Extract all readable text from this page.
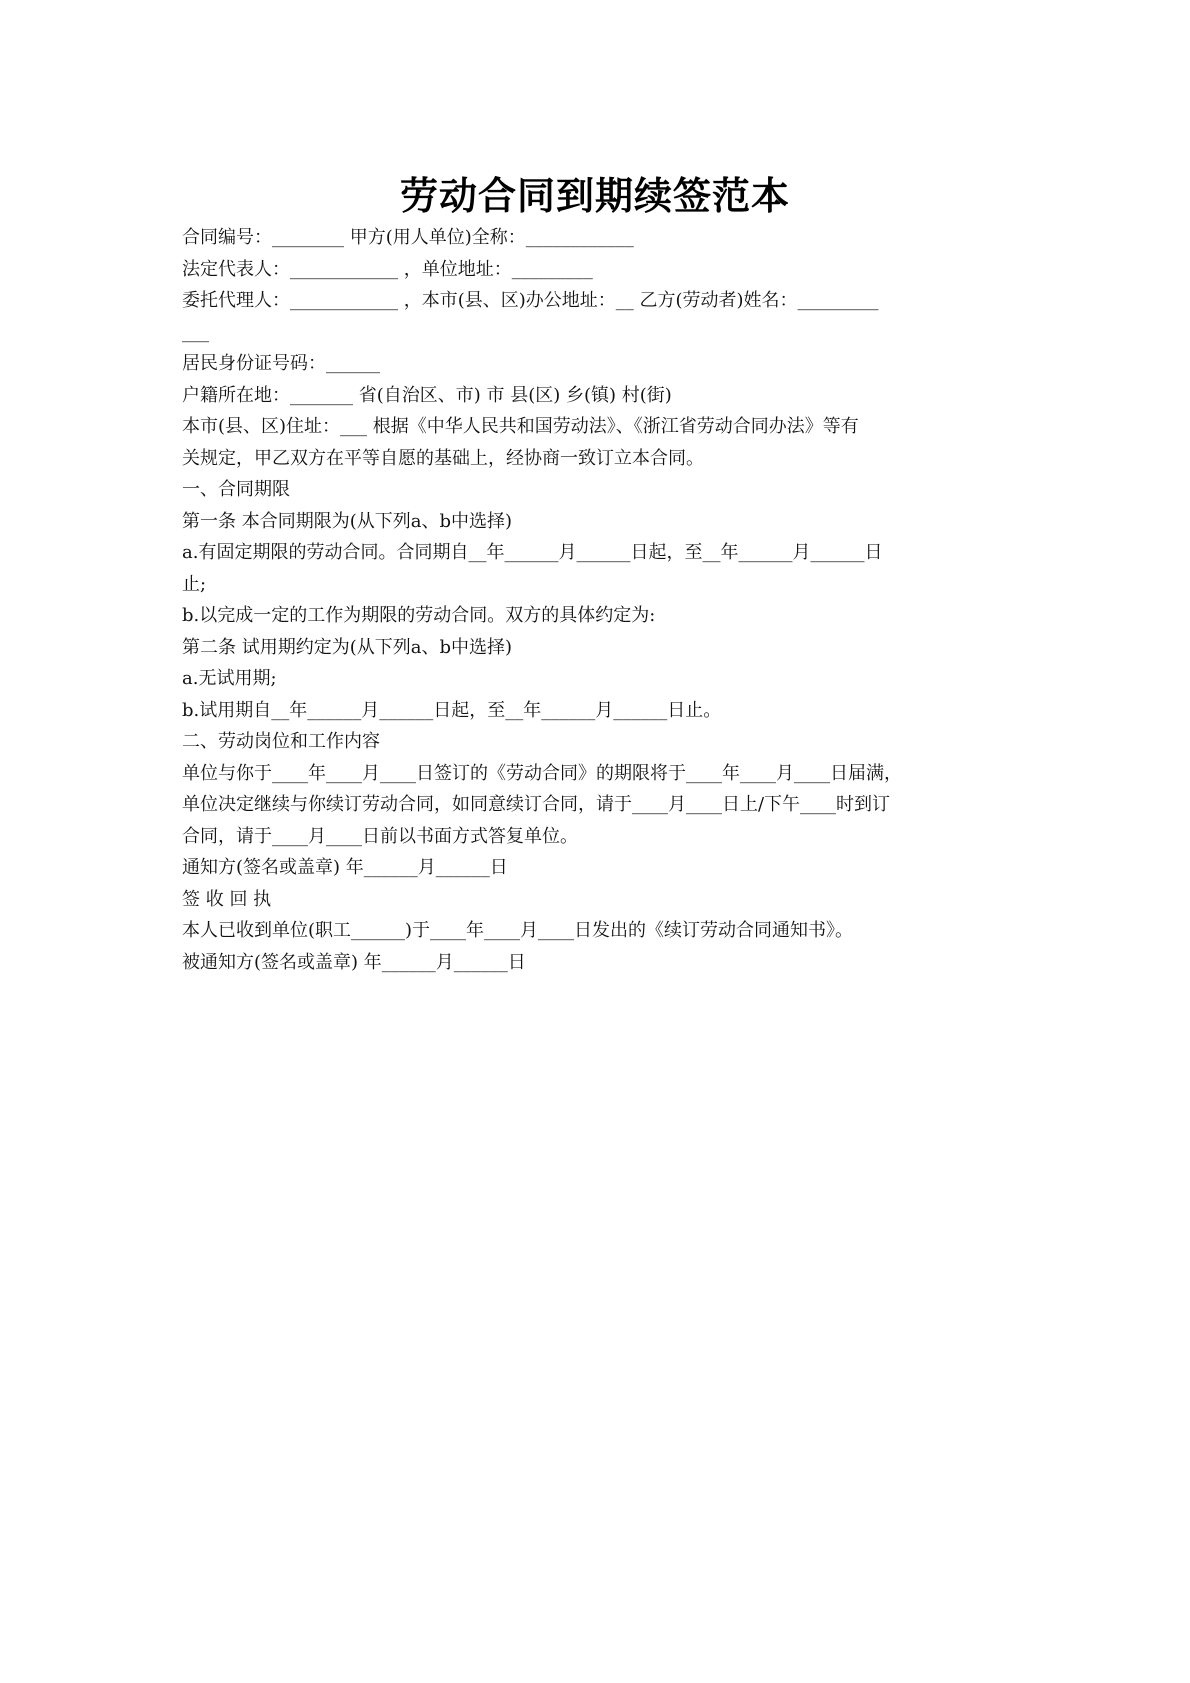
劳动合同到期续签范本
合同编号：________ 甲方(用人单位)全称：____________
法定代表人：____________ ，单位地址：_________
委托代理人：____________ ，本市(县、区)办公地址：__ 乙方(劳动者)姓名：_________
___
居民身份证号码：______
户籍所在地：_______ 省(自治区、市) 市 县(区) 乡(镇) 村(街)
本市(县、区)住址：___ 根据《中华人民共和国劳动法》、《浙江省劳动合同办法》等有
关规定，甲乙双方在平等自愿的基础上，经协商一致订立本合同。
一、合同期限
第一条 本合同期限为(从下列a、b中选择)
a.有固定期限的劳动合同。合同期自__年______月______日起，至__年______月______日
止;
b.以完成一定的工作为期限的劳动合同。双方的具体约定为:
第二条 试用期约定为(从下列a、b中选择)
a.无试用期;
b.试用期自__年______月______日起，至__年______月______日止。
二、劳动岗位和工作内容
单位与你于____年____月____日签订的《劳动合同》的期限将于____年____月____日届满，
单位决定继续与你续订劳动合同，如同意续订合同，请于____月____日上/下午____时到订
合同，请于____月____日前以书面方式答复单位。
通知方(签名或盖章) 年______月______日
签 收 回 执
本人已收到单位(职工______)于____年____月____日发出的《续订劳动合同通知书》。
被通知方(签名或盖章) 年______月______日
